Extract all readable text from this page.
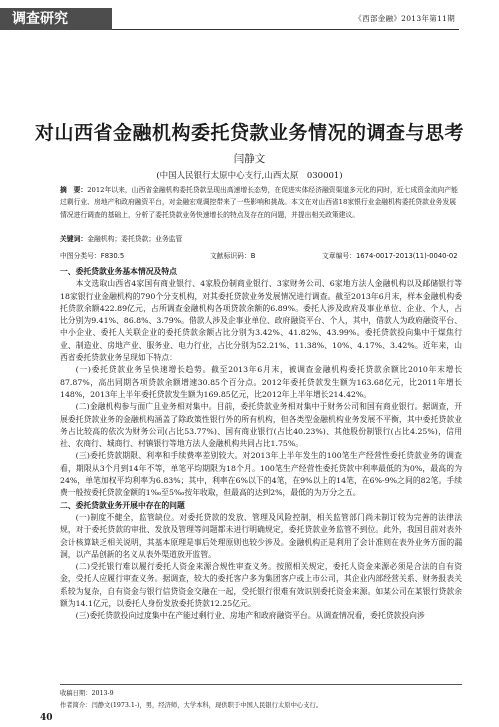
调查研究	《西部金融》2013年第11期
对山西省金融机构委托贷款业务情况的调查与思考
闫静文
(中国人民银行太原中心支行,山西太原　030001)
摘　要：2012年以来，山西省金融机构委托贷款呈现出高速增长态势，在促进实体经济融资渠道多元化的同时，近七成资金流向产能过剩行业、房地产和政府融资平台，对金融宏观调控带来了一些影响和挑战。本文在对山西省18家银行业金融机构委托贷款业务发展情况进行调查的基础上，分析了委托贷款业务快速增长的特点及存在的问题，并提出相关政策建议。
关键词：金融机构；委托贷款；业务监管
中图分类号：F830.5	文献标识码：B	文章编号：1674-0017-2013(11)-0040-02
一、委托贷款业务基本情况及特点
本文选取山西省4家国有商业银行、4家股份制商业银行、3家财务公司、6家地方法人金融机构以及邮储银行等18家银行业金融机构的790个分支机构，对其委托贷款业务发展情况进行调查。截至2013年6月末，样本金融机构委托贷款余额422.89亿元，占所调查金融机构各项贷款余额的6.89%。委托人涉及政府及事业单位、企业、个人，占比分别为9.41%、86.8%、3.79%。借款人涉及企事业单位、政府融资平台、个人，其中，借款人为政府融资平台、中小企业、委托人关联企业的委托贷款余额占比分别为3.42%、41.82%、43.99%。委托贷款投向集中于煤焦行业、制造业、房地产业、服务业、电力行业，占比分别为52.21%、11.38%、10%、4.17%、3.42%。近年来，山西省委托贷款业务呈现如下特点：
(一)委托贷款业务呈快速增长趋势。截至2013年6月末，被调查金融机构委托贷款余额比2010年末增长87.87%，高出同期各项贷款余额增速30.85个百分点。2012年委托贷款发生额为163.68亿元，比2011年增长148%，2013年上半年委托贷款发生额为169.85亿元，比2012年上半年增长214.42%。
(二)金融机构参与面广且业务相对集中。目前，委托贷款业务相对集中于财务公司和国有商业银行。据调查，开展委托贷款业务的金融机构涵盖了除政策性银行外的所有机构，但各类型金融机构业务发展不平衡，其中委托贷款业务占比较高的依次为财务公司(占比53.77%)、国有商业银行(占比40.23%)、其他股份制银行(占比4.25%)，信用社、农商行、城商行、村镇银行等地方法人金融机构共同占比1.75%。
(三)委托贷款期限、利率和手续费率差别较大。对2013年上半年发生的100笔生产经营性委托贷款业务的调查看，期限从3个月到14年不等，单笔平均期限为18个月。100笔生产经营性委托贷款中利率最低的为0%，最高的为24%，单笔加权平均利率为6.83%；其中，利率在6%以下的4笔，在9%以上的14笔，在6%-9%之间的82笔。手续费一般按委托贷款金额的1‰至5‰按年收取，但最高的达到2%，最低的为万分之五。
二、委托贷款业务开展中存在的问题
(一)制度不健全，监管缺位。对委托贷款的发放、管理及风险控制，相关监管部门尚未制订较为完善的法律法规，对于委托贷款的审批、发放及管理等问题都未进行明确规定，委托贷款业务监管不到位。此外，我国目前对表外会计核算缺乏相关说明，其基本原理是事后处理原则也较少涉及。金融机构正是利用了会计准则在表外业务方面的漏洞，以产品创新的名义从表外渠道放开监管。
(二)受托银行难以履行委托人资金来源合规性审查义务。按照相关规定，委托人资金来源必须是合法的自有资金，受托人应履行审查义务。据调查，较大的委托客户多为集团客户或上市公司，其企业内部经营关系、财务报表关系较为复杂，自有资金与银行信贷资金交融在一起，受托银行很难有效识别委托资金来源。如某公司在某银行贷款余额为14.1亿元，以委托人身份发放委托贷款12.25亿元。
(三)委托贷款投向过度集中在产能过剩行业、房地产和政府融资平台。从调查情况看，委托贷款投向涉
收稿日期：2013-9
作者简介：闫静文(1973.1-)，男，经济师，大学本科，现供职于中国人民银行太原中心支行。
40
